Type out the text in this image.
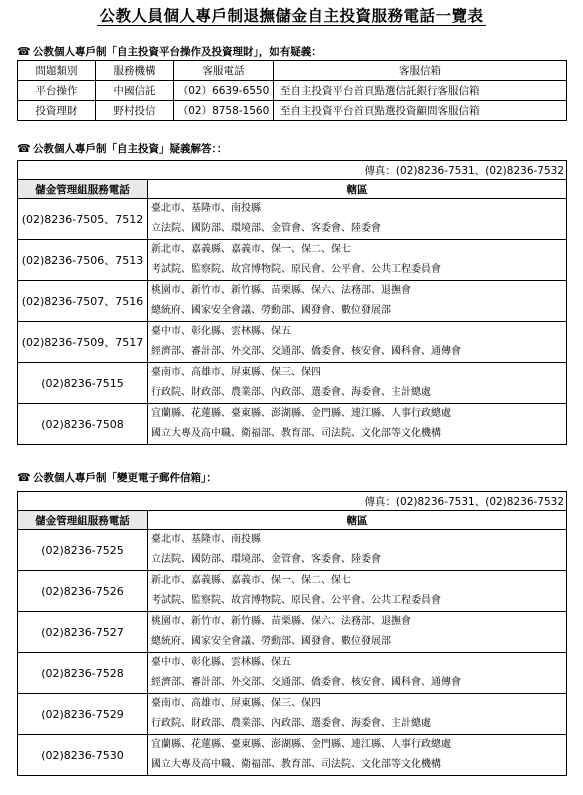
公教人員個人專戶制退撫儲金自主投資服務電話一覽表
☎ 公教個人專戶制「自主投資平台操作及投資理財」，如有疑義：
問題類別	服務機構	客服電話	客服信箱
平台操作	中國信託	（02）6639-6550	至自主投資平台首頁點選信託銀行客服信箱
投資理財	野村投信	（02）8758-1560	至自主投資平台首頁點選投資顧問客服信箱
☎ 公教個人專戶制「自主投資」疑義解答：：
傳真：(02)8236-7531、(02)8236-7532	
儲金管理組服務電話	轄區
(02)8236-7505、7512	臺北市、基隆市、南投縣
立法院、國防部、環境部、金管會、客委會、陸委會

(02)8236-7506、7513	新北市、嘉義縣、嘉義市、保一、保二、保七
考試院、監察院、故宮博物院、原民會、公平會、公共工程委員會

(02)8236-7507、7516	桃園市、新竹市、新竹縣、苗栗縣、保六、法務部、退撫會
總統府、國家安全會議、勞動部、國發會、數位發展部

(02)8236-7509、7517	臺中市、彰化縣、雲林縣、保五
經濟部、審計部、外交部、交通部、僑委會、核安會、國科會、通傳會

(02)8236-7515	臺南市、高雄市、屏東縣、保三、保四
行政院、財政部、農業部、內政部、選委會、海委會、主計總處

(02)8236-7508	宜蘭縣、花蓮縣、臺東縣、澎湖縣、金門縣、連江縣、人事行政總處
國立大專及高中職、衛福部、教育部、司法院、文化部等文化機構
☎ 公教個人專戶制「變更電子郵件信箱」：
傳真：(02)8236-7531、(02)8236-7532	
儲金管理組服務電話	轄區
(02)8236-7525	臺北市、基隆市、南投縣
立法院、國防部、環境部、金管會、客委會、陸委會

(02)8236-7526	新北市、嘉義縣、嘉義市、保一、保二、保七
考試院、監察院、故宮博物院、原民會、公平會、公共工程委員會

(02)8236-7527	桃園市、新竹市、新竹縣、苗栗縣、保六、法務部、退撫會
總統府、國家安全會議、勞動部、國發會、數位發展部

(02)8236-7528	臺中市、彰化縣、雲林縣、保五
經濟部、審計部、外交部、交通部、僑委會、核安會、國科會、通傳會

(02)8236-7529	臺南市、高雄市、屏東縣、保三、保四
行政院、財政部、農業部、內政部、選委會、海委會、主計總處

(02)8236-7530	宜蘭縣、花蓮縣、臺東縣、澎湖縣、金門縣、連江縣、人事行政總處
國立大專及高中職、衛福部、教育部、司法院、文化部等文化機構
